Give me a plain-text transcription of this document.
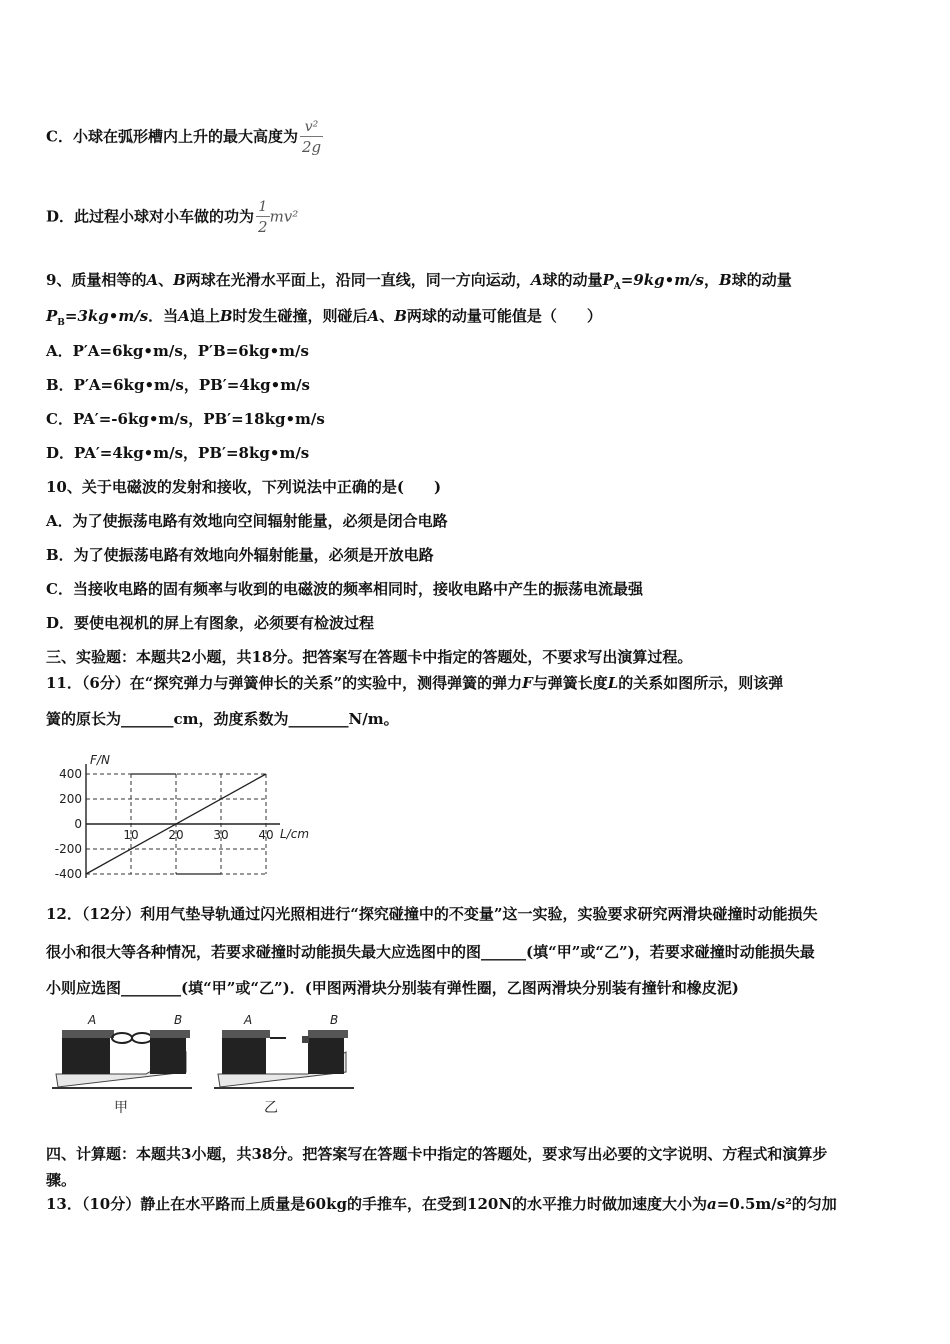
C．小球在弧形槽内上升的最大高度为 $\frac{\text{v²}}{2g}$
D．此过程小球对小车做的功为 $\frac{1}{2} mv^2$
9、质量相等的A、B两球在光滑水平面上，沿同一直线，同一方向运动，A球的动量$P_A=9kg•m/s$，B球的动量
$P_B=3kg•m/s$．当A追上B时发生碰撞，则碰后A、B两球的动量可能值是（　　）
A．P′A=6kg•m/s，P′B=6kg•m/s
B．P′A=6kg•m/s，PB′=4kg•m/s
C．PA′=-6kg•m/s，PB′=18kg•m/s
D．PA′=4kg•m/s，PB′=8kg•m/s
10、关于电磁波的发射和接收，下列说法中正确的是(　　)
A．为了使振荡电路有效地向空间辐射能量，必须是闭合电路
B．为了使振荡电路有效地向外辐射能量，必须是开放电路
C．当接收电路的固有频率与收到的电磁波的频率相同时，接收电路中产生的振荡电流最强
D．要使电视机的屏上有图象，必须要有检波过程
三、实验题：本题共2小题，共18分。把答案写在答题卡中指定的答题处，不要求写出演算过程。
11．（6分）在“探究弹力与弹簧伸长的关系”的实验中，测得弹簧的弹力F与弹簧长度L的关系如图所示，则该弹
簧的原长为_______cm，劲度系数为________N/m。
400
200
0
-200
-400
10 20 30 40
F/N
L/cm
12．（12分）利用气垫导轨通过闪光照相进行“探究碰撞中的不变量”这一实验，实验要求研究两滑块碰撞时动能损失
很小和很大等各种情况，若要求碰撞时动能损失最大应选图中的图______(填“甲”或“乙”)，若要求碰撞时动能损失最
小则应选图________(填“甲”或“乙”)．(甲图两滑块分别装有弹性圈，乙图两滑块分别装有撞针和橡皮泥)
A	B
甲
A	B
乙
四、计算题：本题共3小题，共38分。把答案写在答题卡中指定的答题处，要求写出必要的文字说明、方程式和演算步
骤。
13．（10分）静止在水平路而上质量是60kg的手推车，在受到120N的水平推力时做加速度大小为a=0.5m/s²的匀加
